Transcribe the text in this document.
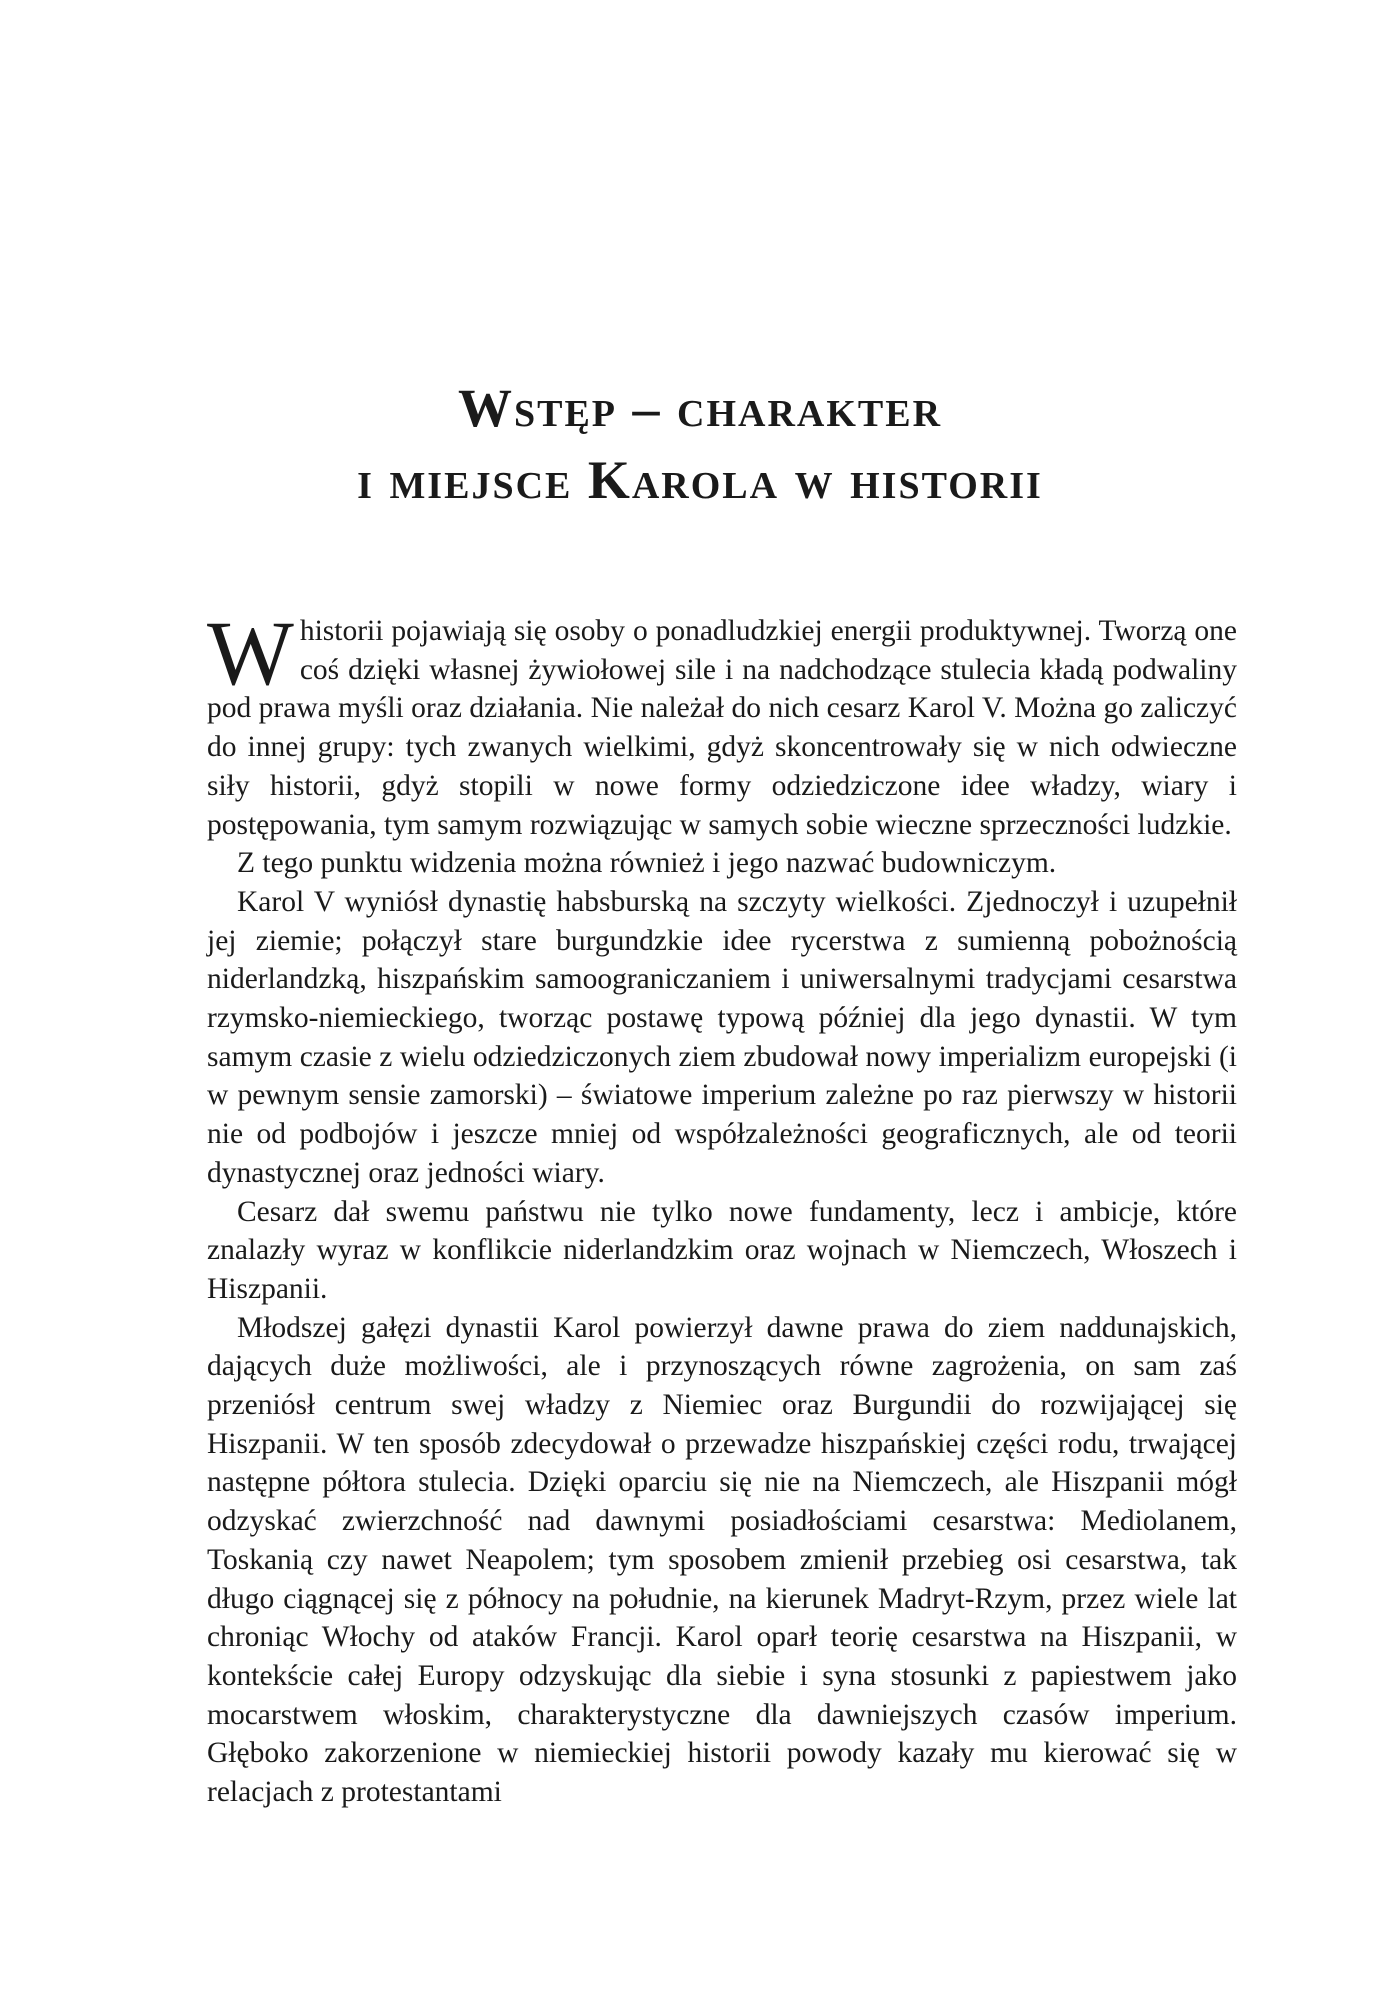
Wstęp – charakter
i miejsce Karola w historii

Whistorii pojawiają się osoby o ponadludzkiej energii produktywnej. Tworzą one coś dzięki własnej żywiołowej sile i na nadchodzące stulecia kładą podwaliny pod prawa myśli oraz działania. Nie należał do nich cesarz Karol V. Można go zaliczyć do innej grupy: tych zwanych wielkimi, gdyż skoncentrowały się w nich odwieczne siły historii, gdyż stopili w nowe formy odziedziczone idee władzy, wiary i postępowania, tym samym rozwiązując w samych sobie wieczne sprzeczności ludzkie.

Z tego punktu widzenia można również i jego nazwać budowniczym.

Karol V wyniósł dynastię habsburską na szczyty wielkości. Zjednoczył i uzupełnił jej ziemie; połączył stare burgundzkie idee rycerstwa z sumienną pobożnością niderlandzką, hiszpańskim samoograniczaniem i uniwersalnymi tradycjami cesarstwa rzymsko-niemieckiego, tworząc postawę typową później dla jego dynastii. W tym samym czasie z wielu odziedziczonych ziem zbudował nowy imperializm europejski (i w pewnym sensie zamorski) – światowe imperium zależne po raz pierwszy w historii nie od podbojów i jeszcze mniej od współzależności geograficznych, ale od teorii dynastycznej oraz jedności wiary.

Cesarz dał swemu państwu nie tylko nowe fundamenty, lecz i ambicje, które znalazły wyraz w konflikcie niderlandzkim oraz wojnach w Niemczech, Włoszech i Hiszpanii.

Młodszej gałęzi dynastii Karol powierzył dawne prawa do ziem naddunajskich, dających duże możliwości, ale i przynoszących równe zagrożenia, on sam zaś przeniósł centrum swej władzy z Niemiec oraz Burgundii do rozwijającej się Hiszpanii. W ten sposób zdecydował o przewadze hiszpańskiej części rodu, trwającej następne półtora stulecia. Dzięki oparciu się nie na Niemczech, ale Hiszpanii mógł odzyskać zwierzchność nad dawnymi posiadłościami cesarstwa: Mediolanem, Toskanią czy nawet Neapolem; tym sposobem zmienił przebieg osi cesarstwa, tak długo ciągnącej się z północy na południe, na kierunek Madryt-Rzym, przez wiele lat chroniąc Włochy od ataków Francji. Karol oparł teorię cesarstwa na Hiszpanii, w kontekście całej Europy odzyskując dla siebie i syna stosunki z papiestwem jako mocarstwem włoskim, charakterystyczne dla dawniejszych czasów imperium. Głęboko zakorzenione w niemieckiej historii powody kazały mu kierować się w relacjach z protestantami
